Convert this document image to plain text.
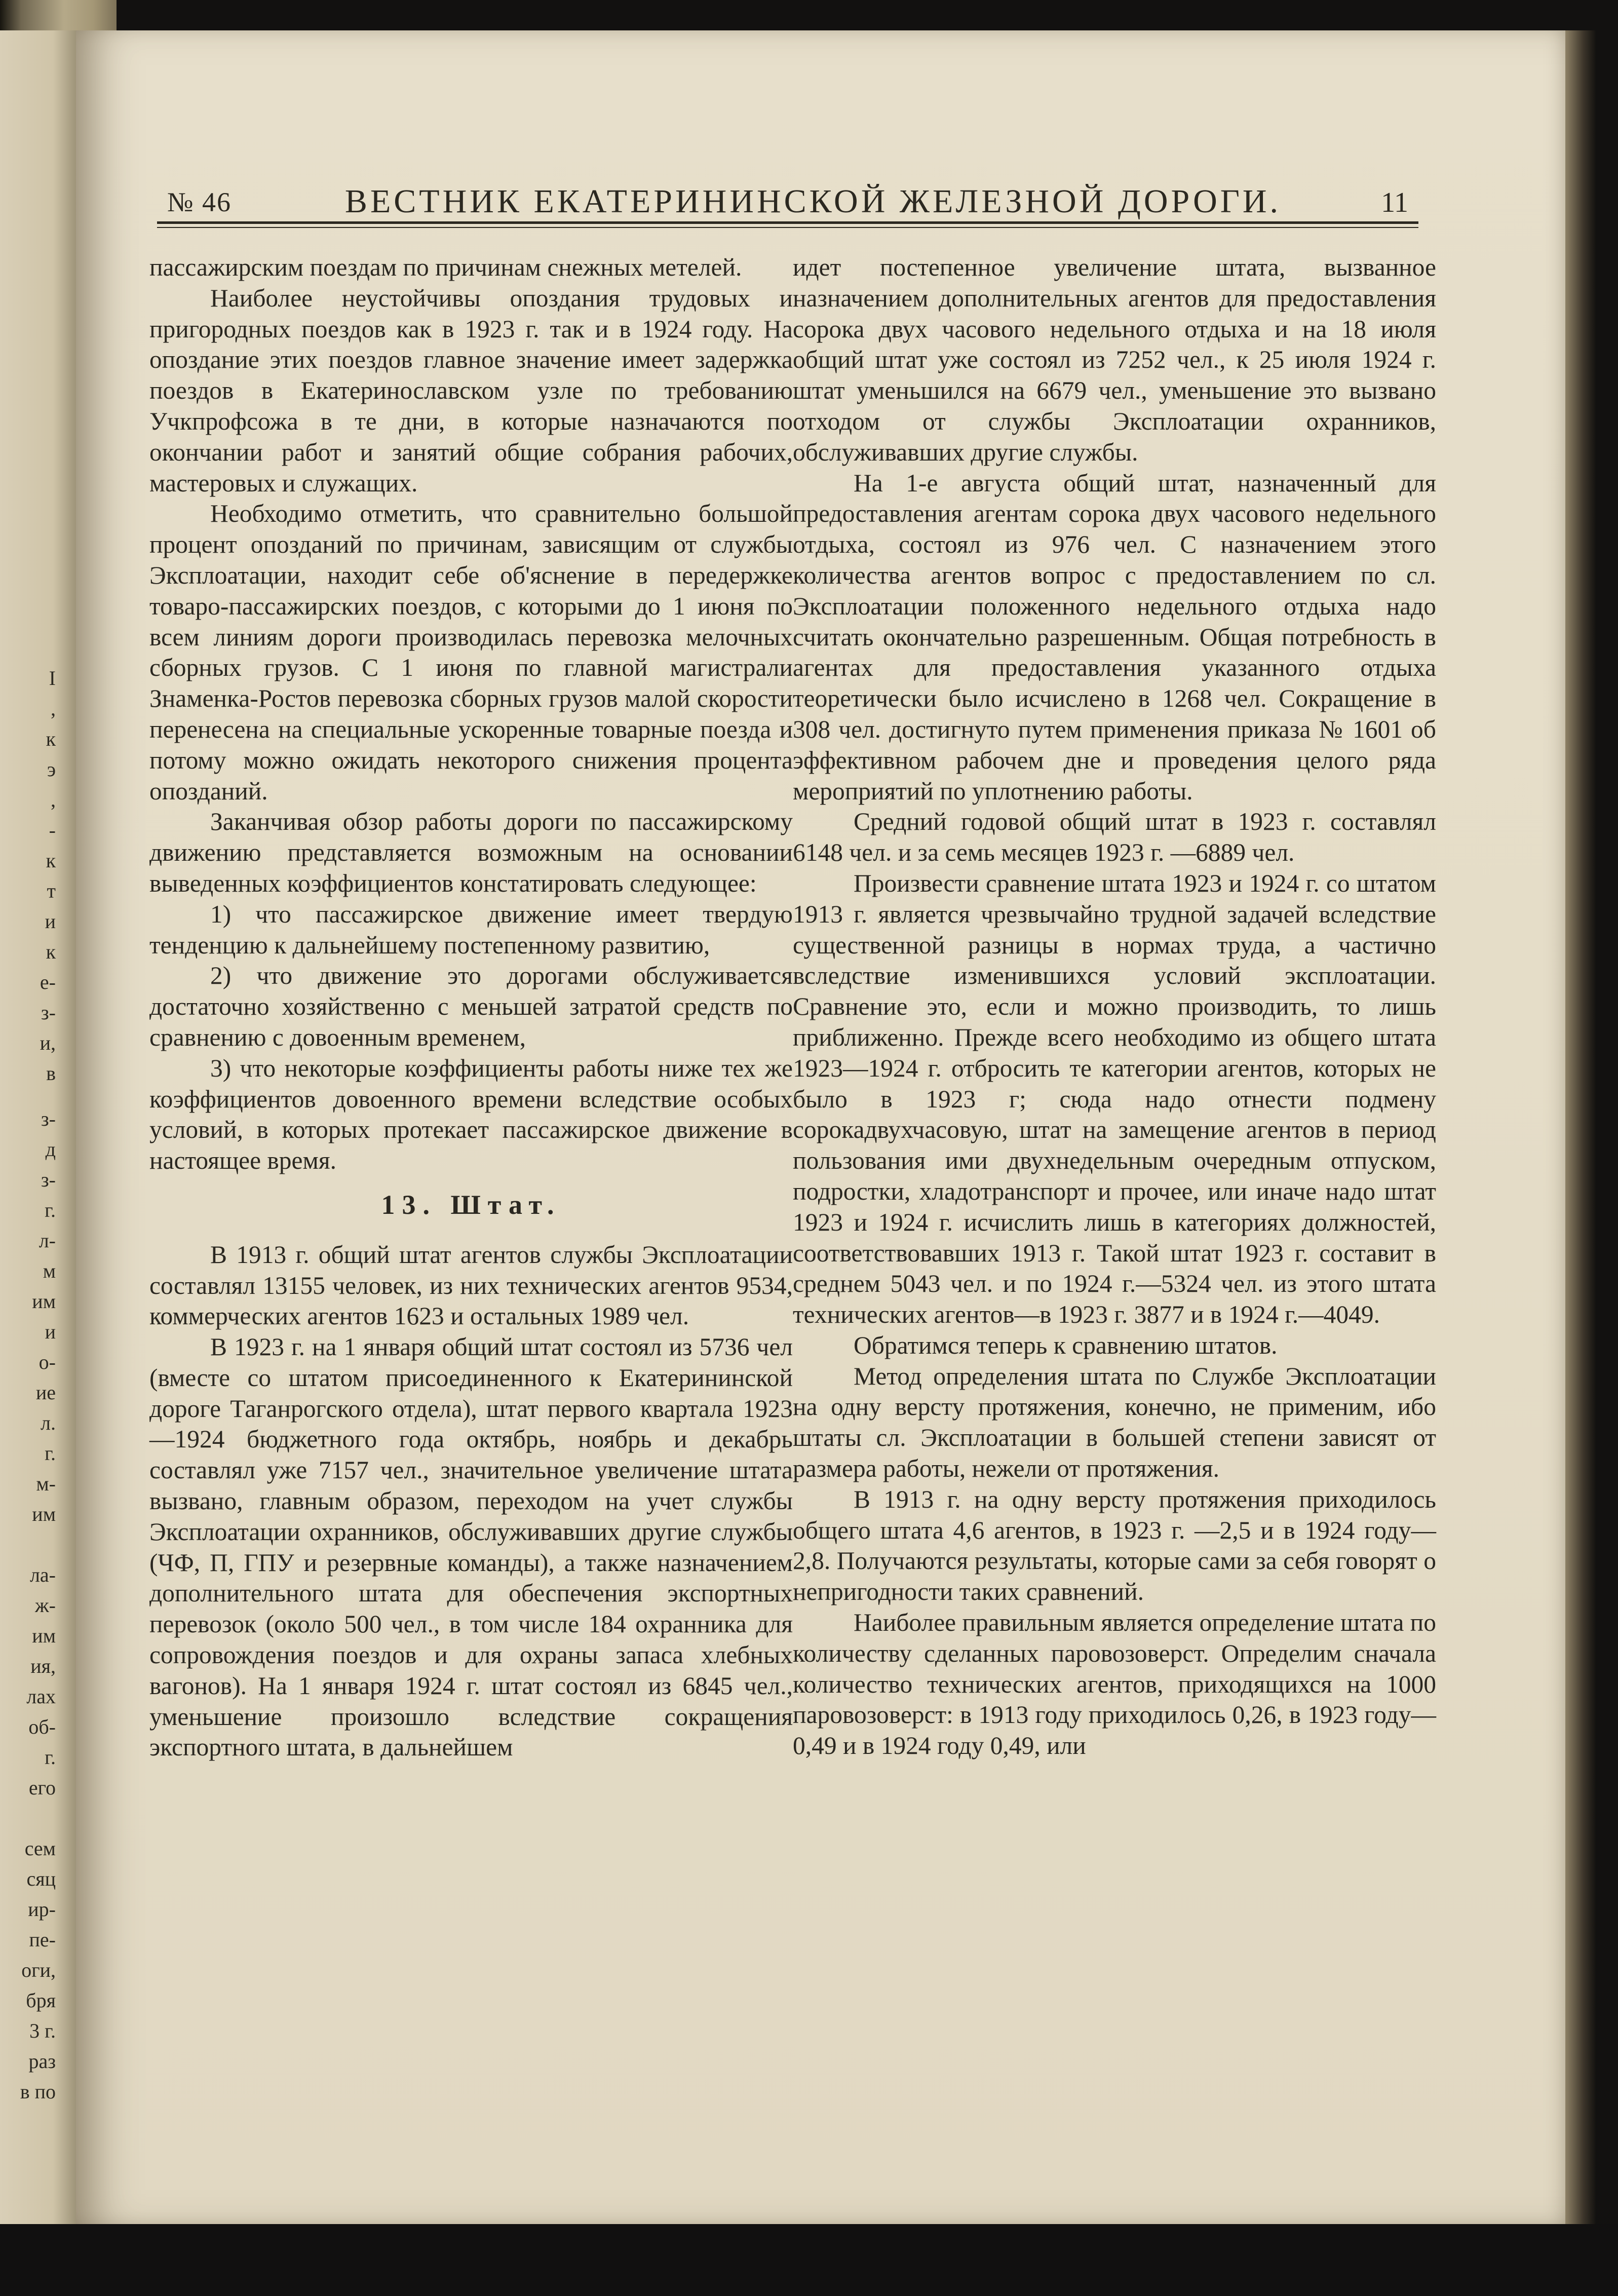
№ 46	ВЕСТНИК ЕКАТЕРИНИНСКОЙ ЖЕЛЕЗНОЙ ДОРОГИ.	11

пассажирским поездам по причинам снежных метелей.

Наиболее неустойчивы опоздания трудовых и пригородных поездов как в 1923 г. так и в 1924 году. На опоздание этих поездов главное значение имеет задержка поездов в Екатеринославском узле по требованию Учкпрофсожа в те дни, в которые назначаются по окончании работ и занятий общие собрания рабочих, мастеровых и служащих.

Необходимо отметить, что сравнительно большой процент опозданий по причинам, зависящим от службы Эксплоатации, находит себе об'яснение в передержке товаро-пассажирских поездов, с которыми до 1 июня по всем линиям дороги производилась перевозка мелочных сборных грузов. С 1 июня по главной магистрали Знаменка-Ростов перевозка сборных грузов малой скорости перенесена на специальные ускоренные товарные поезда и потому можно ожидать некоторого снижения процента опозданий.

Заканчивая обзор работы дороги по пассажирскому движению представляется возможным на основании выведенных коэффициентов констатировать следующее:

1) что пассажирское движение имеет твердую тенденцию к дальнейшему постепенному развитию,

2) что движение это дорогами обслуживается достаточно хозяйственно с меньшей затратой средств по сравнению с довоенным временем,

3) что некоторые коэффициенты работы ниже тех же коэффициентов довоенного времени вследствие особых условий, в которых протекает пассажирское движение в настоящее время.

13. Штат.

В 1913 г. общий штат агентов службы Эксплоатации составлял 13155 человек, из них технических агентов 9534, коммерческих агентов 1623 и остальных 1989 чел.

В 1923 г. на 1 января общий штат состоял из 5736 чел (вместе со штатом присоединенного к Екатерининской дороге Таганрогского отдела), штат первого квартала 1923—1924 бюджетного года октябрь, ноябрь и декабрь составлял уже 7157 чел., значительное увеличение штата вызвано, главным образом, переходом на учет службы Эксплоатации охранников, обслуживавших другие службы (ЧФ, П, ГПУ и резервные команды), а также назначением дополнительного штата для обеспечения экспортных перевозок (около 500 чел., в том числе 184 охранника для сопровождения поездов и для охраны запаса хлебных вагонов). На 1 января 1924 г. штат состоял из 6845 чел., уменьшение произошло вследствие сокращения экспортного штата, в дальнейшем

идет постепенное увеличение штата, вызванное назначением дополнительных агентов для предоставления сорока двух часового недельного отдыха и на 18 июля общий штат уже состоял из 7252 чел., к 25 июля 1924 г. штат уменьшился на 6679 чел., уменьшение это вызвано отходом от службы Эксплоатации охранников, обслуживавших другие службы.

На 1-е августа общий штат, назначенный для предоставления агентам сорока двух часового недельного отдыха, состоял из 976 чел. С назначением этого количества агентов вопрос с предоставлением по сл. Эксплоатации положенного недельного отдыха надо считать окончательно разрешенным. Общая потребность в агентах для предоставления указанного отдыха теоретически было исчислено в 1268 чел. Сокращение в 308 чел. достигнуто путем применения приказа № 1601 об эффективном рабочем дне и проведения целого ряда мероприятий по уплотнению работы.

Средний годовой общий штат в 1923 г. составлял 6148 чел. и за семь месяцев 1923 г. —6889 чел.

Произвести сравнение штата 1923 и 1924 г. со штатом 1913 г. является чрезвычайно трудной задачей вследствие существенной разницы в нормах труда, а частично вследствие изменившихся условий эксплоатации. Сравнение это, если и можно производить, то лишь приближенно. Прежде всего необходимо из общего штата 1923—1924 г. отбросить те категории агентов, которых не было в 1923 г; сюда надо отнести подмену сорокадвухчасовую, штат на замещение агентов в период пользования ими двухнедельным очередным отпуском, подростки, хладотранспорт и прочее, или иначе надо штат 1923 и 1924 г. исчислить лишь в категориях должностей, соответствовавших 1913 г. Такой штат 1923 г. составит в среднем 5043 чел. и по 1924 г.—5324 чел. из этого штата технических агентов—в 1923 г. 3877 и в 1924 г.—4049.

Обратимся теперь к сравнению штатов.

Метод определения штата по Службе Эксплоатации на одну версту протяжения, конечно, не применим, ибо штаты сл. Эксплоатации в большей степени зависят от размера работы, нежели от протяжения.

В 1913 г. на одну версту протяжения приходилось общего штата 4,6 агентов, в 1923 г. —2,5 и в 1924 году—2,8. Получаются результаты, которые сами за себя говорят о непригодности таких сравнений.

Наиболее правильным является определение штата по количеству сделанных паровозоверст. Определим сначала количество технических агентов, приходящихся на 1000 паровозоверст: в 1913 году приходилось 0,26, в 1923 году—0,49 и в 1924 году 0,49, или

I
,
к
э
,
-
к
т
и
к
е-
з-
и,
в
з-
д
з-
г.
л-
м
им
и
о-
ие
л.
г.
м-
им
ла-
ж-
им
ия,
лах
об-
г.
его
сем
сяц
ир-
пе-
оги,
бря
3 г.
раз
в по
